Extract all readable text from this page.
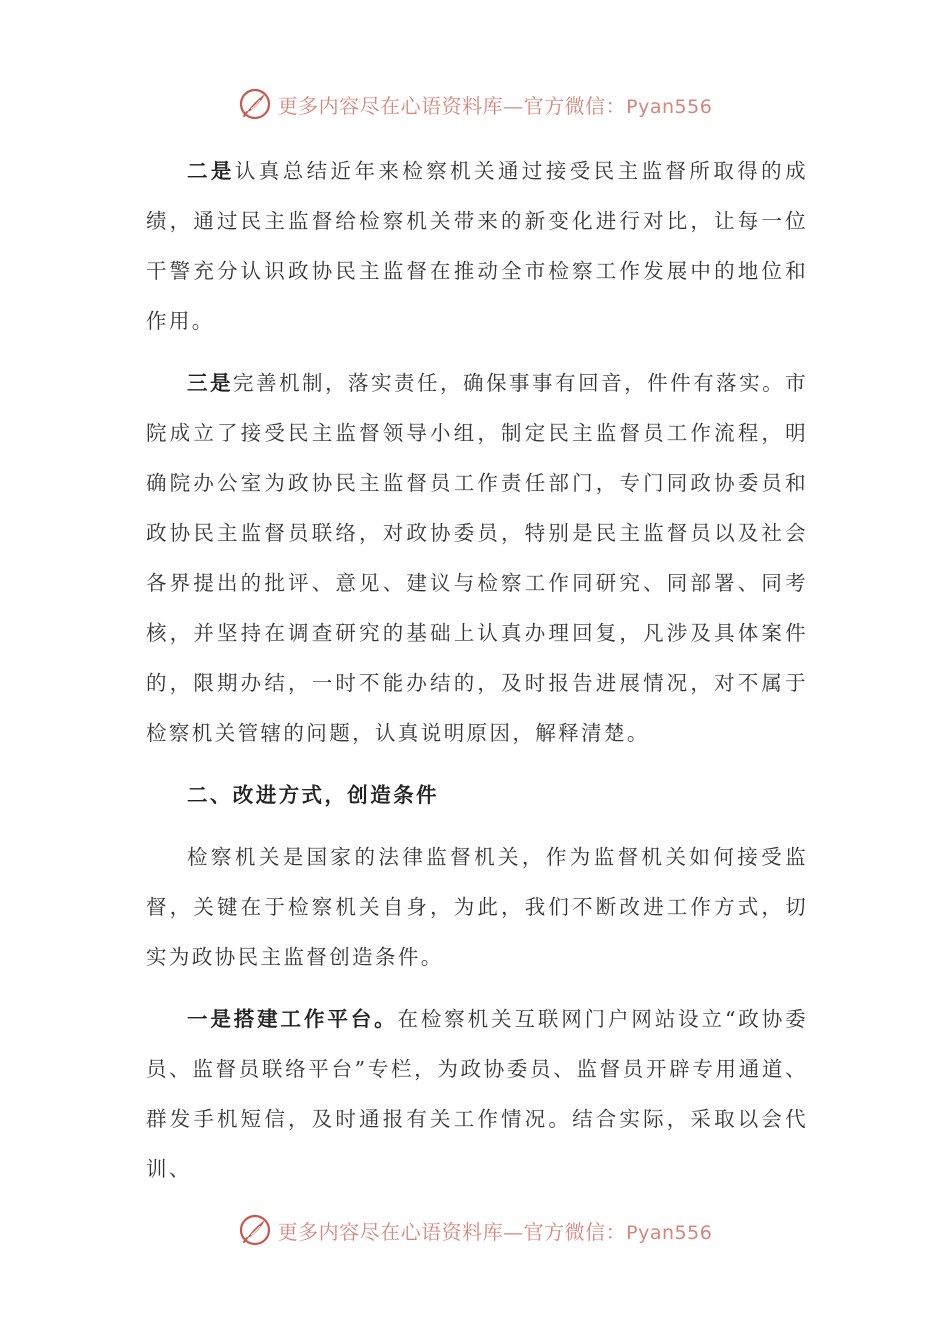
更多内容尽在心语资料库—官方微信：Pyan556

二是认真总结近年来检察机关通过接受民主监督所取得的成绩，通过民主监督给检察机关带来的新变化进行对比，让每一位干警充分认识政协民主监督在推动全市检察工作发展中的地位和作用。

三是完善机制，落实责任，确保事事有回音，件件有落实。市院成立了接受民主监督领导小组，制定民主监督员工作流程，明确院办公室为政协民主监督员工作责任部门，专门同政协委员和政协民主监督员联络，对政协委员，特别是民主监督员以及社会各界提出的批评、意见、建议与检察工作同研究、同部署、同考核，并坚持在调查研究的基础上认真办理回复，凡涉及具体案件的，限期办结，一时不能办结的，及时报告进展情况，对不属于检察机关管辖的问题，认真说明原因，解释清楚。

二、改进方式，创造条件

检察机关是国家的法律监督机关，作为监督机关如何接受监督，关键在于检察机关自身，为此，我们不断改进工作方式，切实为政协民主监督创造条件。

一是搭建工作平台。在检察机关互联网门户网站设立“政协委员、监督员联络平台”专栏，为政协委员、监督员开辟专用通道、群发手机短信，及时通报有关工作情况。结合实际，采取以会代训、

更多内容尽在心语资料库—官方微信：Pyan556
